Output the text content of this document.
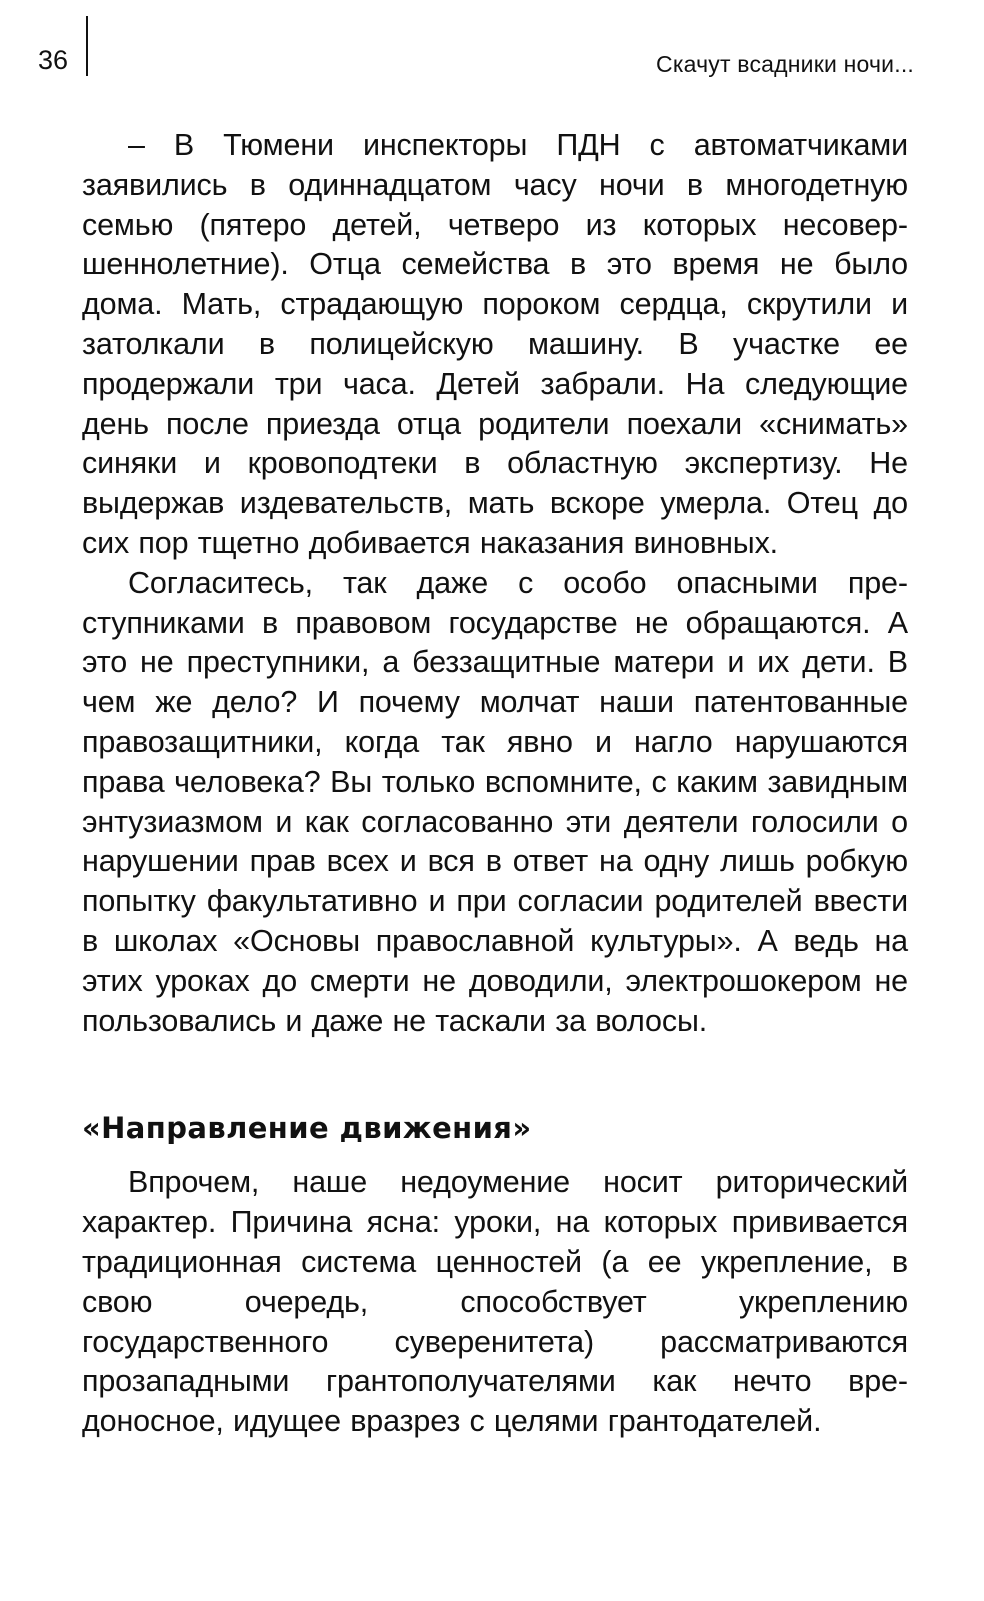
36	Скачут всадники ночи...

– В Тюмени инспекторы ПДН с автоматчиками заявились в одиннадцатом часу ночи в многодетную семью (пятеро детей, четверо из которых несовершеннолетние). Отца семейства в это время не было дома. Мать, страдающую пороком сердца, скрутили и затолкали в полицейскую машину. В участке ее продержали три часа. Детей забрали. На следующие день после приезда отца родители поехали «снимать» синяки и кровоподтеки в областную экспертизу. Не выдержав издевательств, мать вскоре умерла. Отец до сих пор тщетно добивается наказания виновных.

Согласитесь, так даже с особо опасными преступниками в правовом государстве не обращаются. А это не преступники, а беззащитные матери и их дети. В чем же дело? И почему молчат наши патентованные правозащитники, когда так явно и нагло нарушаются права человека? Вы только вспомните, с каким завидным энтузиазмом и как согласованно эти деятели голосили о нарушении прав всех и вся в ответ на одну лишь робкую попытку факультативно и при согласии родителей ввести в школах «Основы православной культуры». А ведь на этих уроках до смерти не доводили, электрошокером не пользовались и даже не таскали за волосы.

«Направление движения»

Впрочем, наше недоумение носит риторический характер. Причина ясна: уроки, на которых прививается традиционная система ценностей (а ее укрепление, в свою очередь, способствует укреплению государственного суверенитета) рассматриваются прозападными грантополучателями как нечто вредоносное, идущее вразрез с целями грантодателей.
